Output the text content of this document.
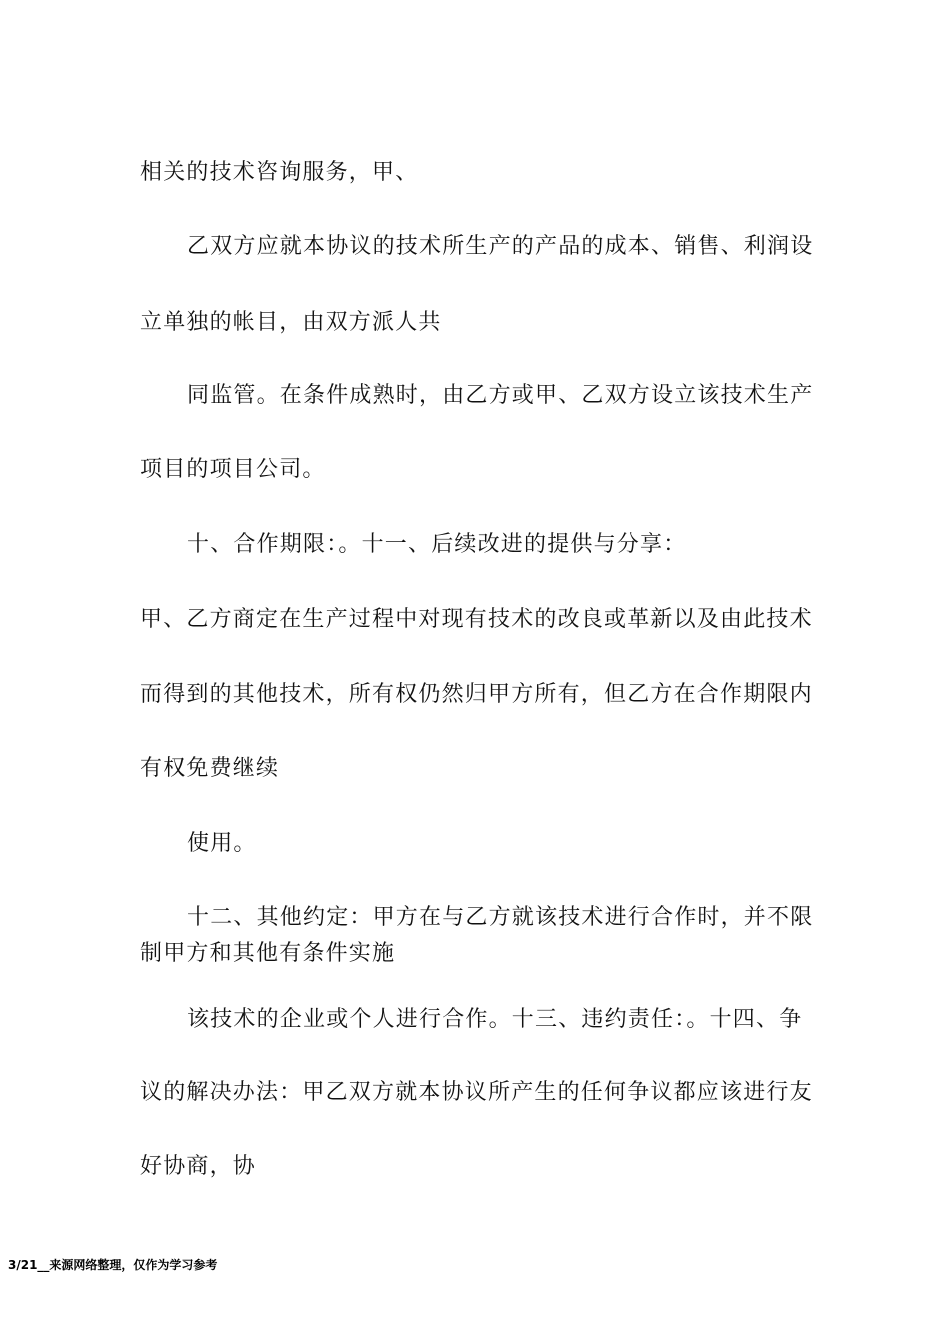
相关的技术咨询服务，甲、
乙双方应就本协议的技术所生产的产品的成本、销售、利润设
立单独的帐目，由双方派人共
同监管。在条件成熟时，由乙方或甲、乙双方设立该技术生产
项目的项目公司。
十、合作期限：。十一、后续改进的提供与分享：
甲、乙方商定在生产过程中对现有技术的改良或革新以及由此技术
而得到的其他技术，所有权仍然归甲方所有，但乙方在合作期限内
有权免费继续
使用。
十二、其他约定：甲方在与乙方就该技术进行合作时，并不限
制甲方和其他有条件实施
该技术的企业或个人进行合作。十三、违约责任：。十四、争
议的解决办法：甲乙双方就本协议所产生的任何争议都应该进行友
好协商，协
3/21__来源网络整理，仅作为学习参考
